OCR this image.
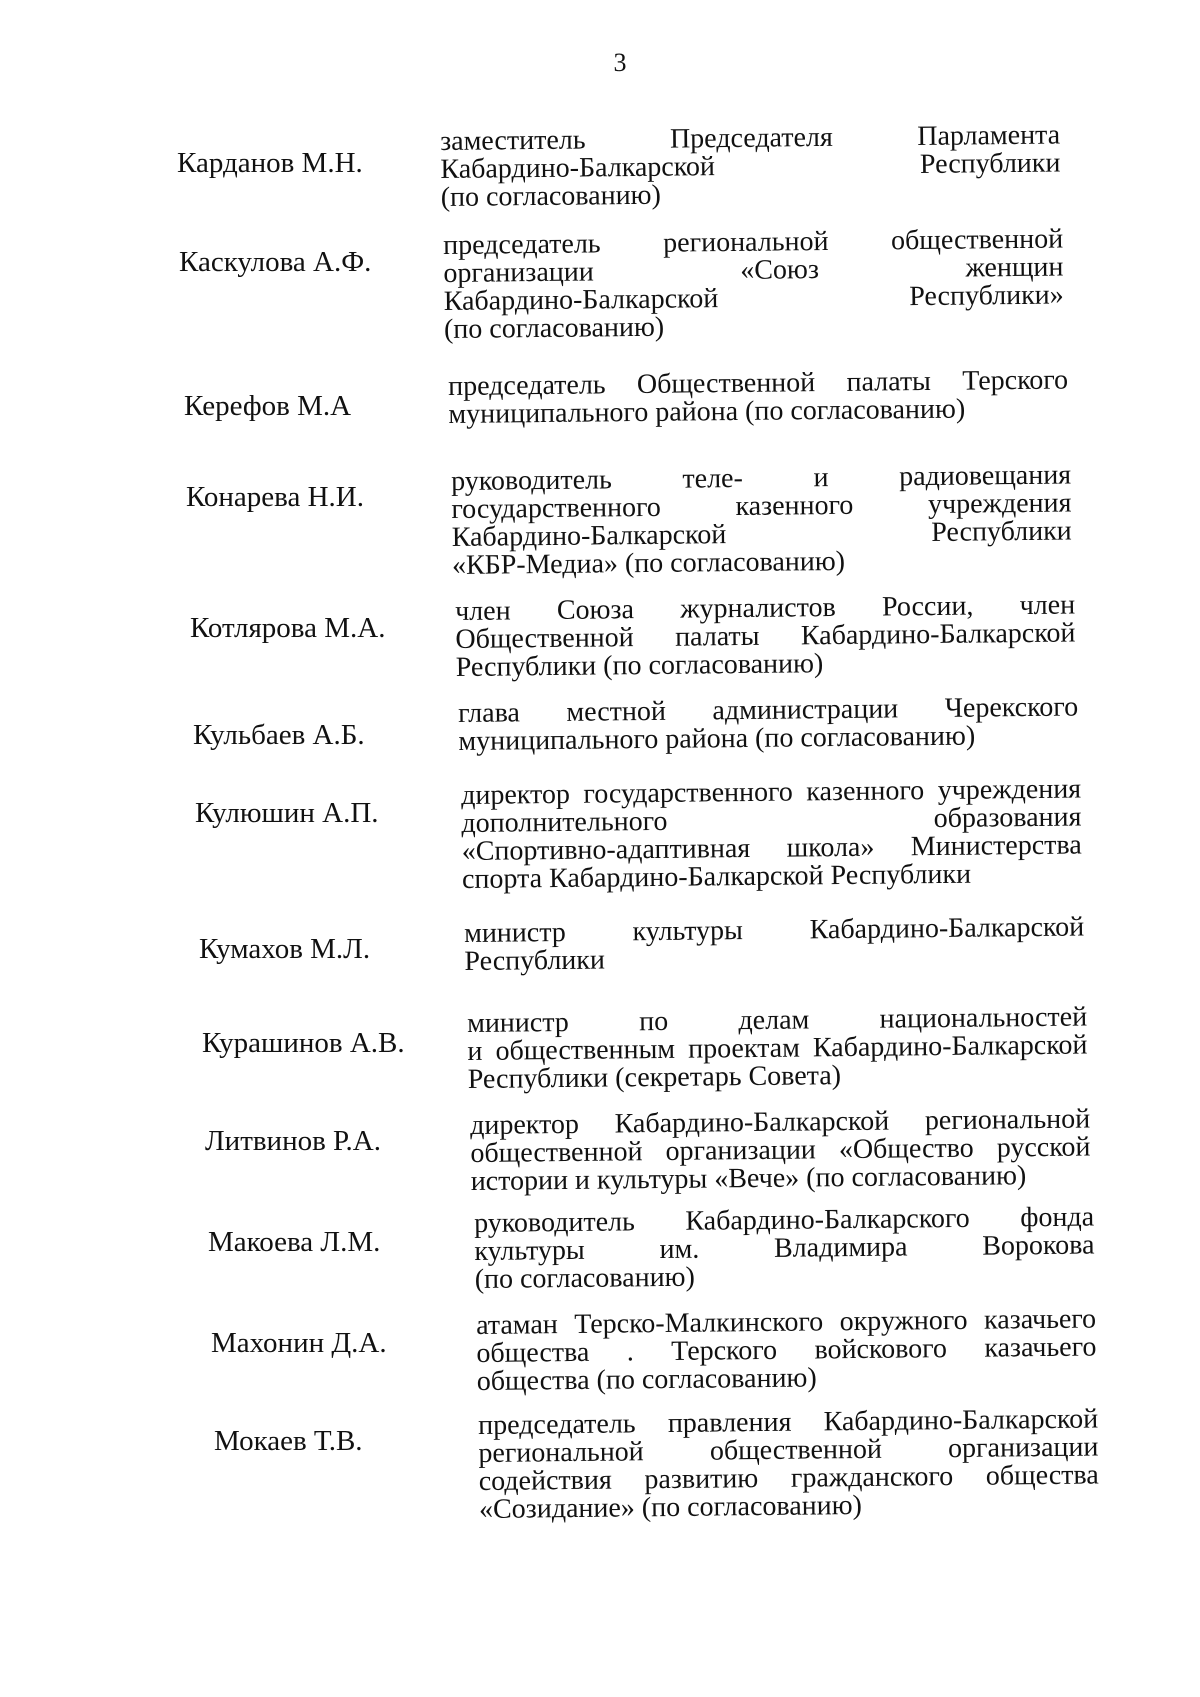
3
Карданов М.Н.
заместитель Председателя Парламента
Кабардино-Балкарской Республики
(по согласованию)
Каскулова А.Ф.
председатель региональной общественной
организации «Союз женщин
Кабардино-Балкарской Республики»
(по согласованию)
Керефов М.А
председатель Общественной палаты Терского
муниципального района (по согласованию)
Конарева Н.И.
руководитель теле- и радиовещания
государственного казенного учреждения
Кабардино-Балкарской Республики
«КБР-Медиа» (по согласованию)
Котлярова М.А.
член Союза журналистов России, член
Общественной палаты Кабардино-Балкарской
Республики (по согласованию)
Кульбаев А.Б.
глава местной администрации Черекского
муниципального района (по согласованию)
Кулюшин А.П.
директор государственного казенного учреждения
дополнительного образования
«Спортивно-адаптивная школа» Министерства
спорта Кабардино-Балкарской Республики
Кумахов М.Л.
министр культуры Кабардино-Балкарской
Республики
Курашинов А.В.
министр по делам национальностей
и общественным проектам Кабардино-Балкарской
Республики (секретарь Совета)
Литвинов Р.А.
директор Кабардино-Балкарской региональной
общественной организации «Общество русской
истории и культуры «Вече» (по согласованию)
Макоева Л.М.
руководитель Кабардино-Балкарского фонда
культуры им. Владимира Ворокова
(по согласованию)
Махонин Д.А.
атаман Терско-Малкинского окружного казачьего
общества . Терского войскового казачьего
общества (по согласованию)
Мокаев Т.В.
председатель правления Кабардино-Балкарской
региональной общественной организации
содействия развитию гражданского общества
«Созидание» (по согласованию)
